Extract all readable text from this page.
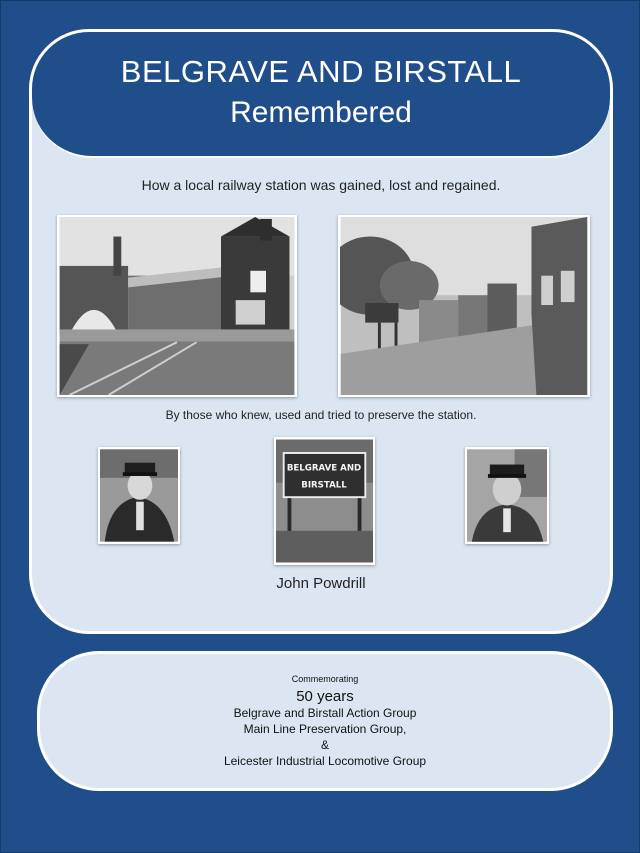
BELGRAVE AND BIRSTALL
Remembered
How a local railway station was gained, lost and regained.
By those who knew, used and tried to preserve the station.
BELGRAVE AND
BIRSTALL
John Powdrill
Commemorating
50 years
Belgrave and Birstall Action Group
Main Line Preservation Group,
&
Leicester Industrial Locomotive Group
